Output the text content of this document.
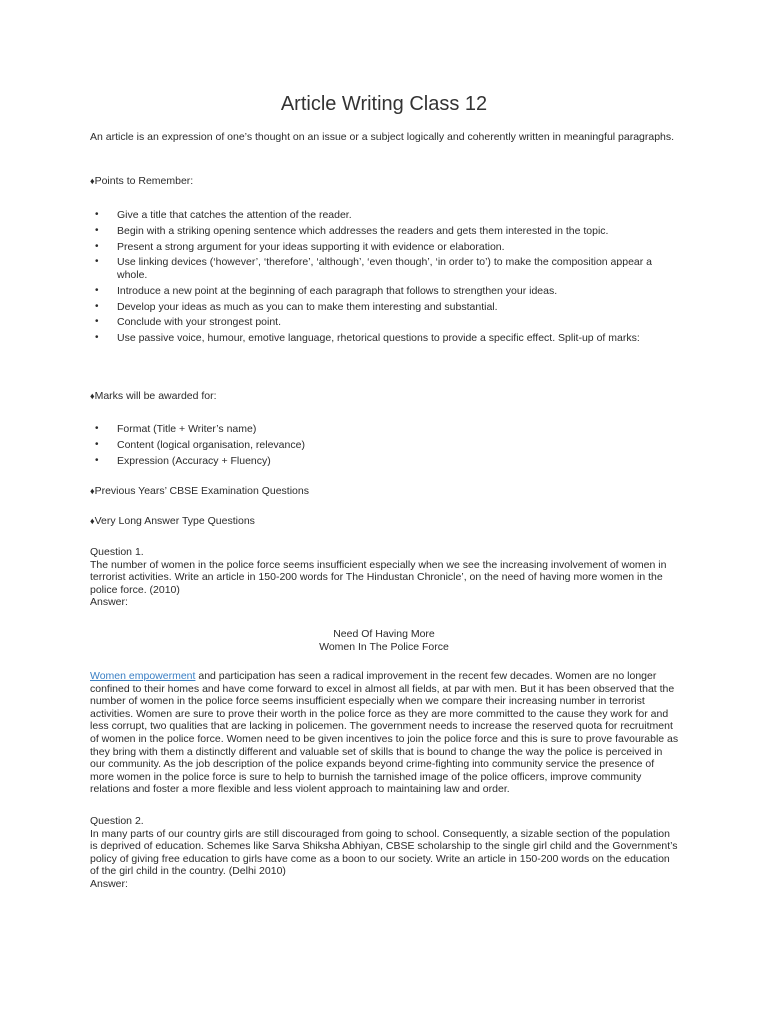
Article Writing Class 12

An article is an expression of one’s thought on an issue or a subject logically and coherently written in meaningful paragraphs.

♦Points to Remember:

• Give a title that catches the attention of the reader.
• Begin with a striking opening sentence which addresses the readers and gets them interested in the topic.
• Present a strong argument for your ideas supporting it with evidence or elaboration.
• Use linking devices (‘however’, ‘therefore’, ‘although’, ‘even though’, ‘in order to’) to make the composition appear a whole.
• Introduce a new point at the beginning of each paragraph that follows to strengthen your ideas.
• Develop your ideas as much as you can to make them interesting and substantial.
• Conclude with your strongest point.
• Use passive voice, humour, emotive language, rhetorical questions to provide a specific effect. Split-up of marks:

♦Marks will be awarded for:

• Format (Title + Writer’s name)
• Content (logical organisation, relevance)
• Expression (Accuracy + Fluency)

♦Previous Years’ CBSE Examination Questions

♦Very Long Answer Type Questions

Question 1.
The number of women in the police force seems insufficient especially when we see the increasing involvement of women in terrorist activities. Write an article in 150-200 words for The Hindustan Chronicle’, on the need of having more women in the police force. (2010)
Answer:
Need Of Having More
Women In The Police Force

Women empowerment and participation has seen a radical improvement in the recent few decades. Women are no longer confined to their homes and have come forward to excel in almost all fields, at par with men. But it has been observed that the number of women in the police force seems insufficient especially when we compare their increasing number in terrorist activities. Women are sure to prove their worth in the police force as they are more committed to the cause they work for and less corrupt, two qualities that are lacking in policemen. The government needs to increase the reserved quota for recruitment of women in the police force. Women need to be given incentives to join the police force and this is sure to prove favourable as they bring with them a distinctly different and valuable set of skills that is bound to change the way the police is perceived in our community. As the job description of the police expands beyond crime-fighting into community service the presence of more women in the police force is sure to help to burnish the tarnished image of the police officers, improve community relations and foster a more flexible and less violent approach to maintaining law and order.

Question 2.
In many parts of our country girls are still discouraged from going to school. Consequently, a sizable section of the population is deprived of education. Schemes like Sarva Shiksha Abhiyan, CBSE scholarship to the single girl child and the Government’s policy of giving free education to girls have come as a boon to our society. Write an article in 150-200 words on the education of the girl child in the country. (Delhi 2010)
Answer:
